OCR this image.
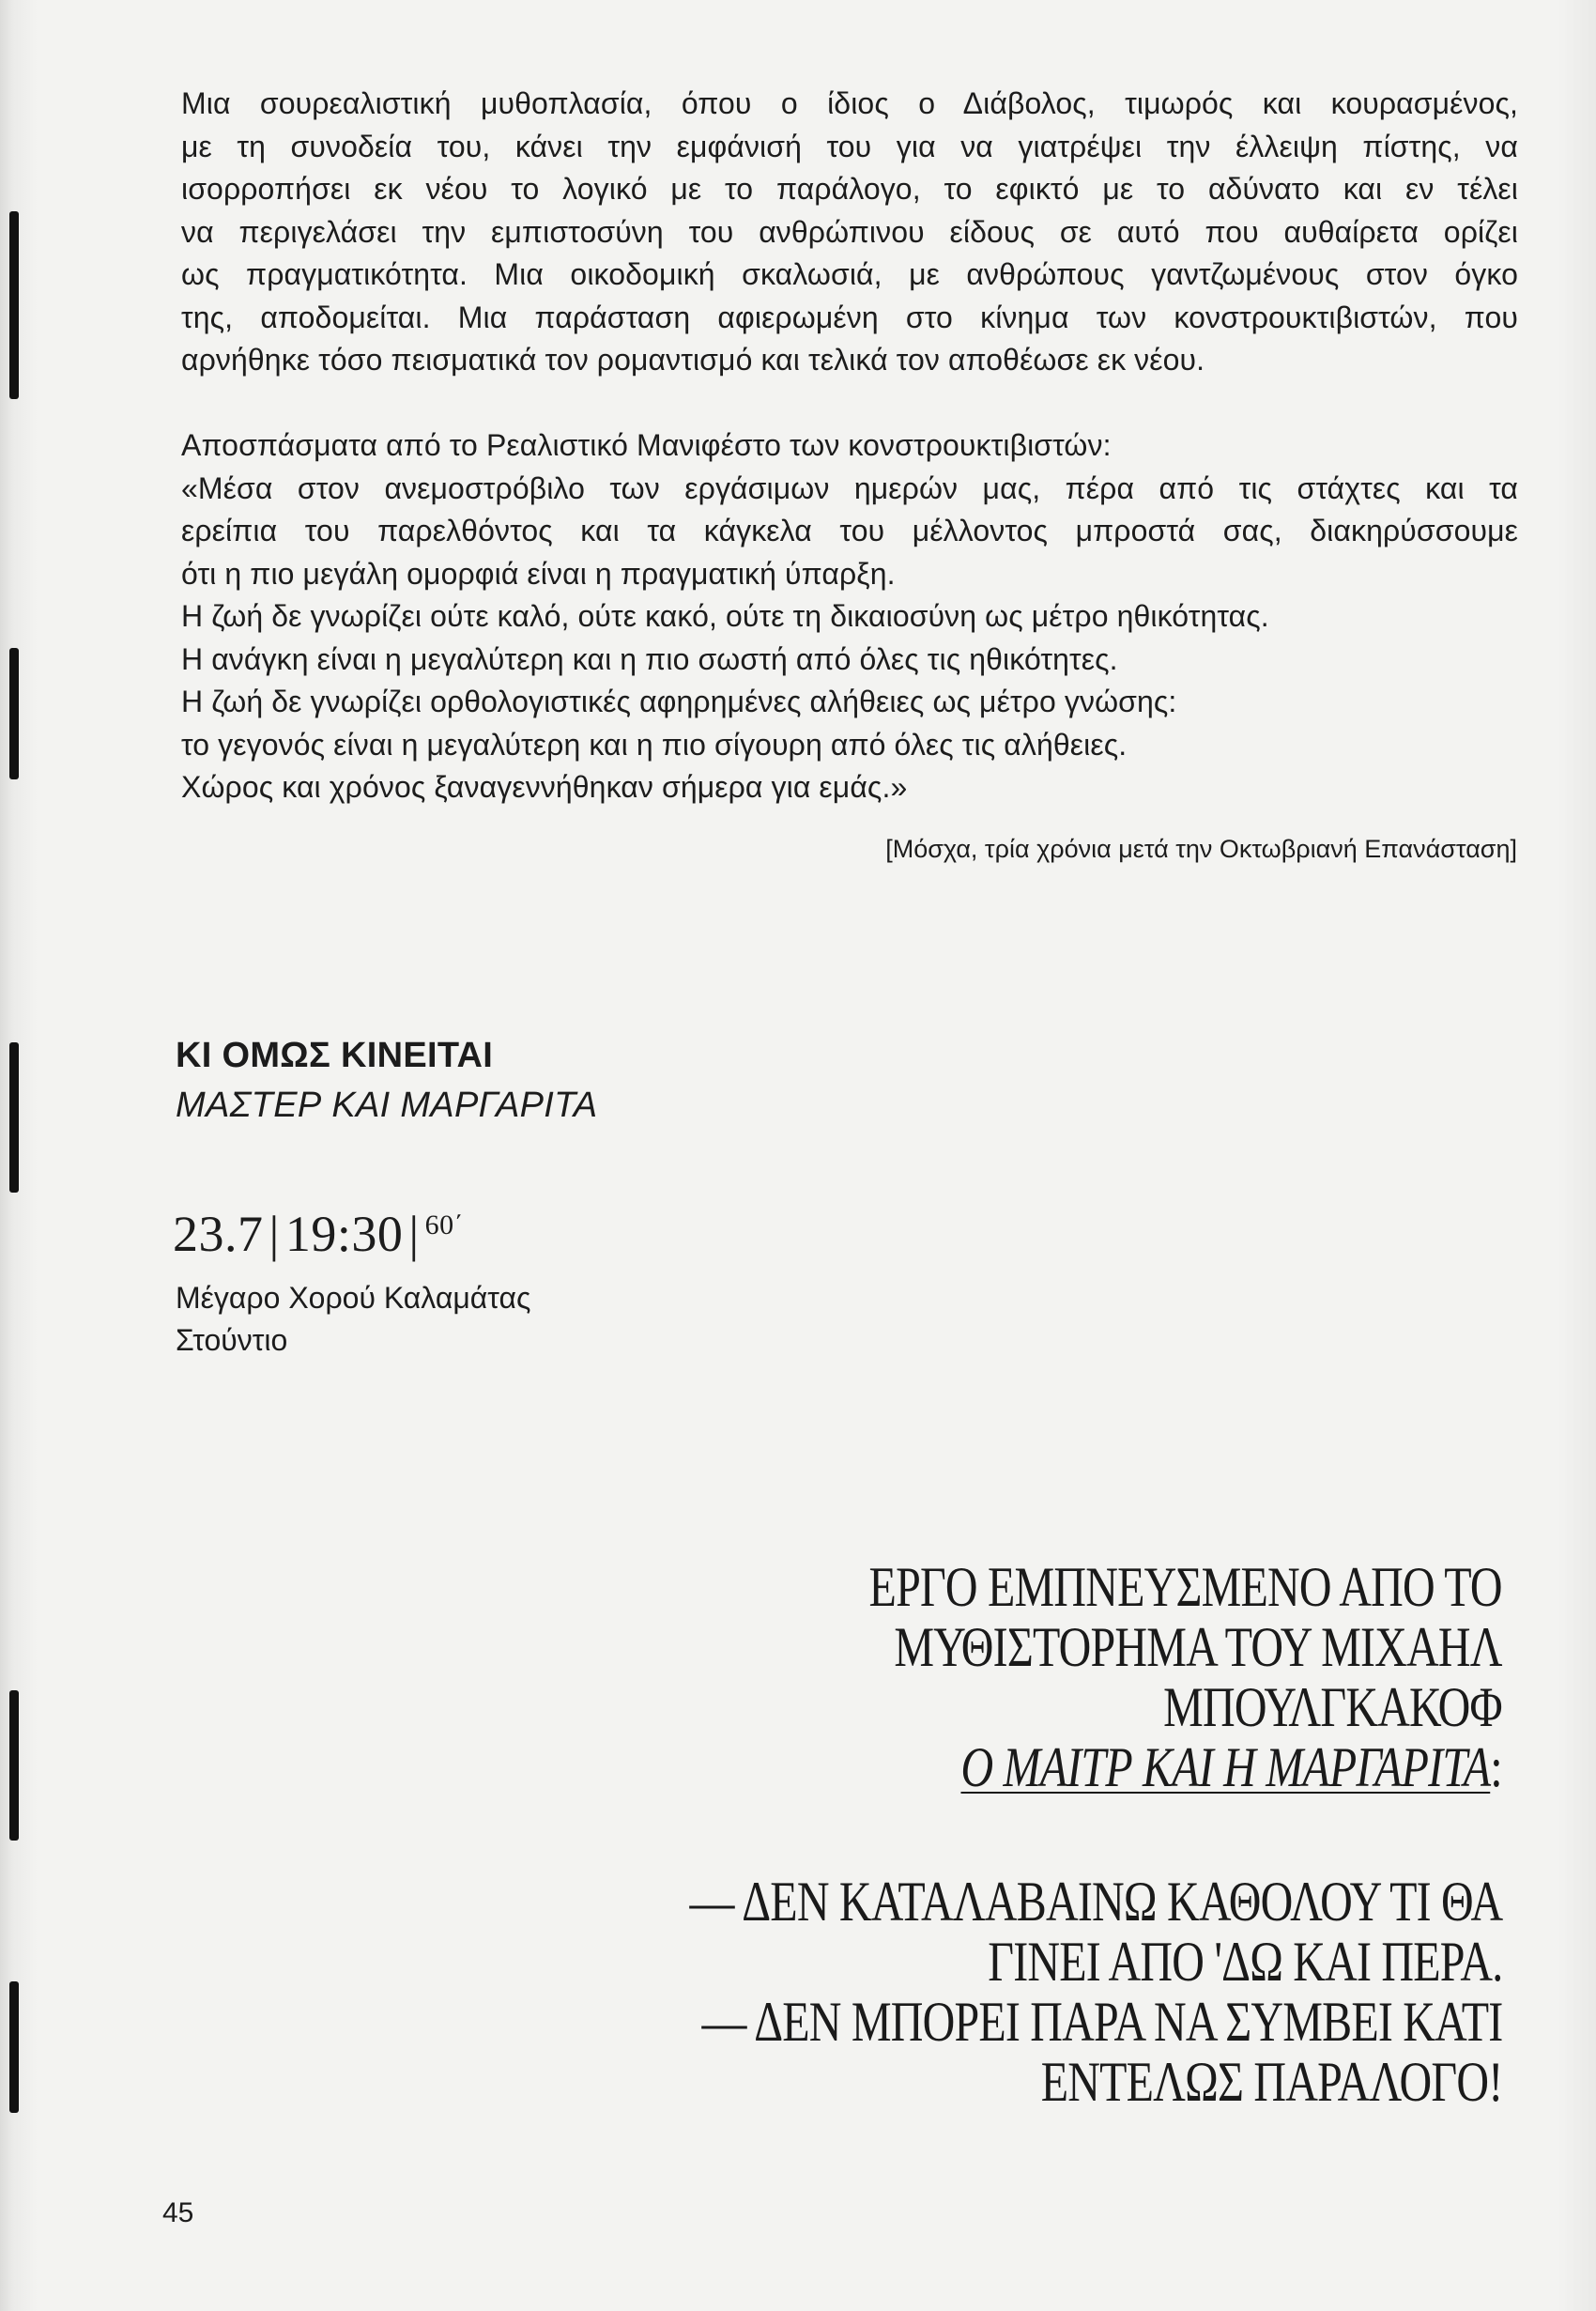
Μια σουρεαλιστική μυθοπλασία, όπου ο ίδιος ο Διάβολος, τιμωρός και κουρασμένος,
με τη συνοδεία του, κάνει την εμφάνισή του για να γιατρέψει την έλλειψη πίστης, να
ισορροπήσει εκ νέου το λογικό με το παράλογο, το εφικτό με το αδύνατο και εν τέλει
να περιγελάσει την εμπιστοσύνη του ανθρώπινου είδους σε αυτό που αυθαίρετα ορίζει
ως πραγματικότητα. Μια οικοδομική σκαλωσιά, με ανθρώπους γαντζωμένους στον όγκο
της, αποδομείται. Μια παράσταση αφιερωμένη στο κίνημα των κονστρουκτιβιστών, που
αρνήθηκε τόσο πεισματικά τον ρομαντισμό και τελικά τον αποθέωσε εκ νέου.
Αποσπάσματα από το Ρεαλιστικό Μανιφέστο των κονστρουκτιβιστών:
«Μέσα στον ανεμοστρόβιλο των εργάσιμων ημερών μας, πέρα από τις στάχτες και τα
ερείπια του παρελθόντος και τα κάγκελα του μέλλοντος μπροστά σας, διακηρύσσουμε
ότι η πιο μεγάλη ομορφιά είναι η πραγματική ύπαρξη.
Η ζωή δε γνωρίζει ούτε καλό, ούτε κακό, ούτε τη δικαιοσύνη ως μέτρο ηθικότητας.
Η ανάγκη είναι η μεγαλύτερη και η πιο σωστή από όλες τις ηθικότητες.
Η ζωή δε γνωρίζει ορθολογιστικές αφηρημένες αλήθειες ως μέτρο γνώσης:
το γεγονός είναι η μεγαλύτερη και η πιο σίγουρη από όλες τις αλήθειες.
Χώρος και χρόνος ξαναγεννήθηκαν σήμερα για εμάς.»
[Μόσχα, τρία χρόνια μετά την Οκτωβριανή Επανάσταση]
ΚΙ ΟΜΩΣ ΚΙΝΕΙΤΑΙ
ΜΑΣΤΕΡ ΚΑΙ ΜΑΡΓΑΡΙΤΑ
23.7 | 19:30 | $^{60΄}$
Μέγαρο Χορού Καλαμάτας
Στούντιο
ΕΡΓΟ ΕΜΠΝΕΥΣΜΕΝΟ ΑΠΟ ΤΟ
ΜΥΘΙΣΤΟΡΗΜΑ ΤΟΥ ΜΙΧΑΗΛ
ΜΠΟΥΛΓΚΑΚΟΦ
Ο ΜΑΙΤΡ ΚΑΙ Η ΜΑΡΓΑΡΙΤΑ:
— ΔΕΝ ΚΑΤΑΛΑΒΑΙΝΩ ΚΑΘΟΛΟΥ ΤΙ ΘΑ
ΓΙΝΕΙ ΑΠΟ 'ΔΩ ΚΑΙ ΠΕΡΑ.
— ΔΕΝ ΜΠΟΡΕΙ ΠΑΡΑ ΝΑ ΣΥΜΒΕΙ ΚΑΤΙ
ΕΝΤΕΛΩΣ ΠΑΡΑΛΟΓΟ!
45
